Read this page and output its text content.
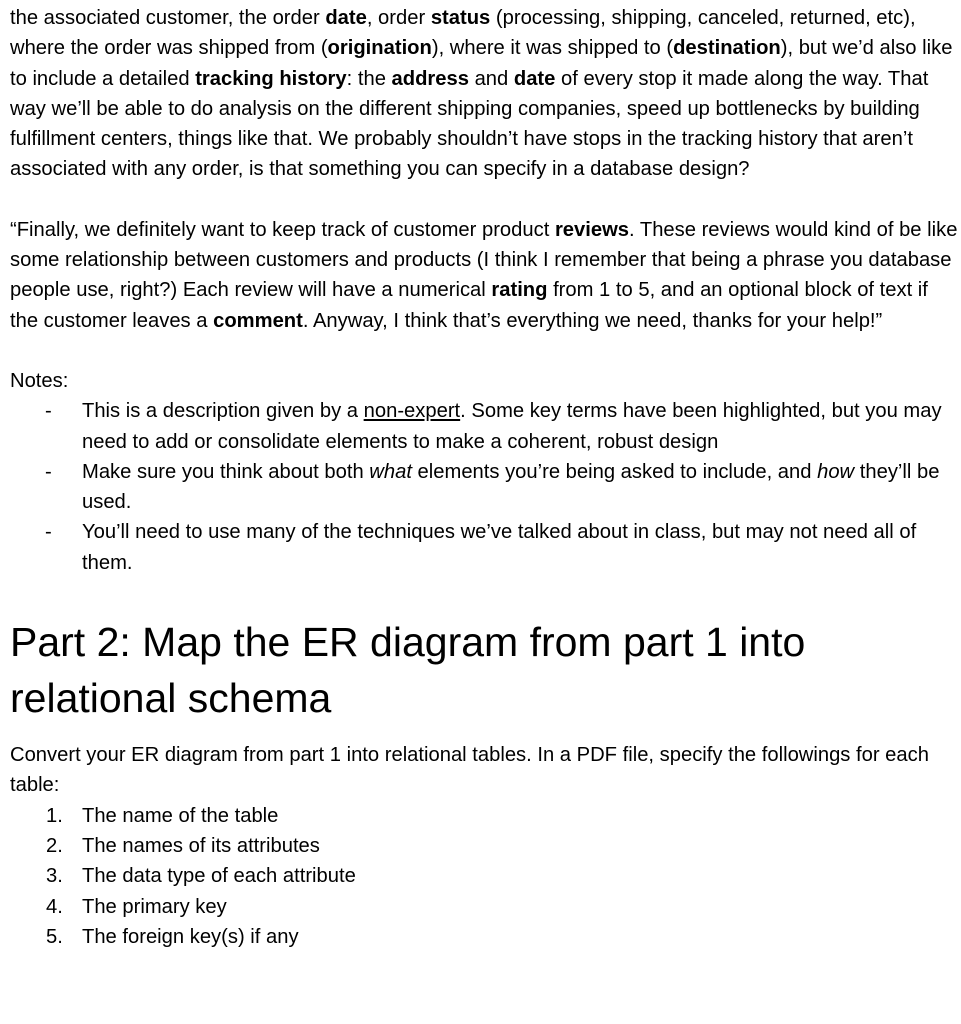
the associated customer, the order date, order status (processing, shipping, canceled, returned, etc), where the order was shipped from (origination), where it was shipped to (destination), but we’d also like to include a detailed tracking history: the address and date of every stop it made along the way. That way we’ll be able to do analysis on the different shipping companies, speed up bottlenecks by building fulfillment centers, things like that. We probably shouldn’t have stops in the tracking history that aren’t associated with any order, is that something you can specify in a database design?

“Finally, we definitely want to keep track of customer product reviews. These reviews would kind of be like some relationship between customers and products (I think I remember that being a phrase you database people use, right?) Each review will have a numerical rating from 1 to 5, and an optional block of text if the customer leaves a comment. Anyway, I think that’s everything we need, thanks for your help!”

Notes:

- This is a description given by a non-expert. Some key terms have been highlighted, but you may need to add or consolidate elements to make a coherent, robust design
- Make sure you think about both what elements you’re being asked to include, and how they’ll be used.
- You’ll need to use many of the techniques we’ve talked about in class, but may not need all of them.
Part 2: Map the ER diagram from part 1 into relational schema

Convert your ER diagram from part 1 into relational tables. In a PDF file, specify the followings for each table:

1. The name of the table
2. The names of its attributes
3. The data type of each attribute
4. The primary key
5. The foreign key(s) if any
